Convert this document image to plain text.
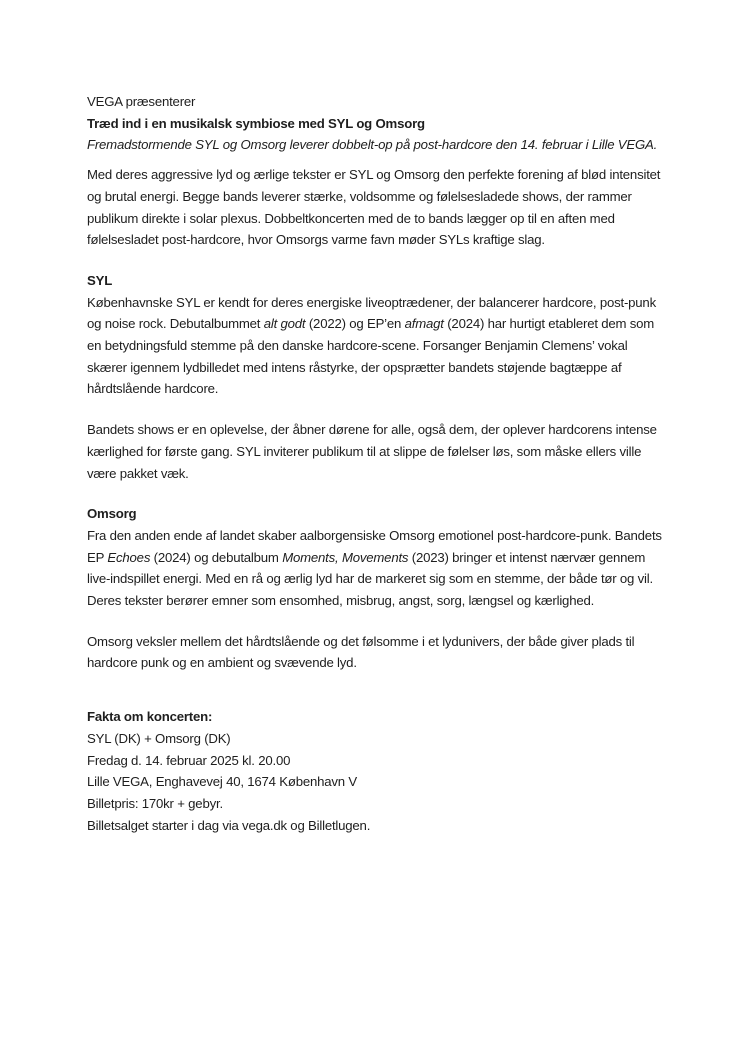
VEGA præsenterer
Træd ind i en musikalsk symbiose med SYL og Omsorg
Fremadstormende SYL og Omsorg leverer dobbelt-op på post-hardcore den 14. februar i Lille VEGA.

Med deres aggressive lyd og ærlige tekster er SYL og Omsorg den perfekte forening af blød intensitet og brutal energi. Begge bands leverer stærke, voldsomme og følelsesladede shows, der rammer publikum direkte i solar plexus. Dobbeltkoncerten med de to bands lægger op til en aften med følelsesladet post-hardcore, hvor Omsorgs varme favn møder SYLs kraftige slag.

SYL

Københavnske SYL er kendt for deres energiske liveoptrædener, der balancerer hardcore, post-punk og noise rock. Debutalbummet alt godt (2022) og EP’en afmagt (2024) har hurtigt etableret dem som en betydningsfuld stemme på den danske hardcore-scene. Forsanger Benjamin Clemens’ vokal skærer igennem lydbilledet med intens råstyrke, der opsprætter bandets støjende bagtæppe af hårdtslående hardcore.

Bandets shows er en oplevelse, der åbner dørene for alle, også dem, der oplever hardcorens intense kærlighed for første gang. SYL inviterer publikum til at slippe de følelser løs, som måske ellers ville være pakket væk.

Omsorg

Fra den anden ende af landet skaber aalborgensiske Omsorg emotionel post-hardcore-punk. Bandets EP Echoes (2024) og debutalbum Moments, Movements (2023) bringer et intenst nærvær gennem live-indspillet energi. Med en rå og ærlig lyd har de markeret sig som en stemme, der både tør og vil. Deres tekster berører emner som ensomhed, misbrug, angst, sorg, længsel og kærlighed.

Omsorg veksler mellem det hårdtslående og det følsomme i et lydunivers, der både giver plads til hardcore punk og en ambient og svævende lyd.

Fakta om koncerten:
SYL (DK) + Omsorg (DK)
Fredag d. 14. februar 2025 kl. 20.00
Lille VEGA, Enghavevej 40, 1674 København V
Billetpris: 170kr + gebyr.
Billetsalget starter i dag via vega.dk og Billetlugen.
